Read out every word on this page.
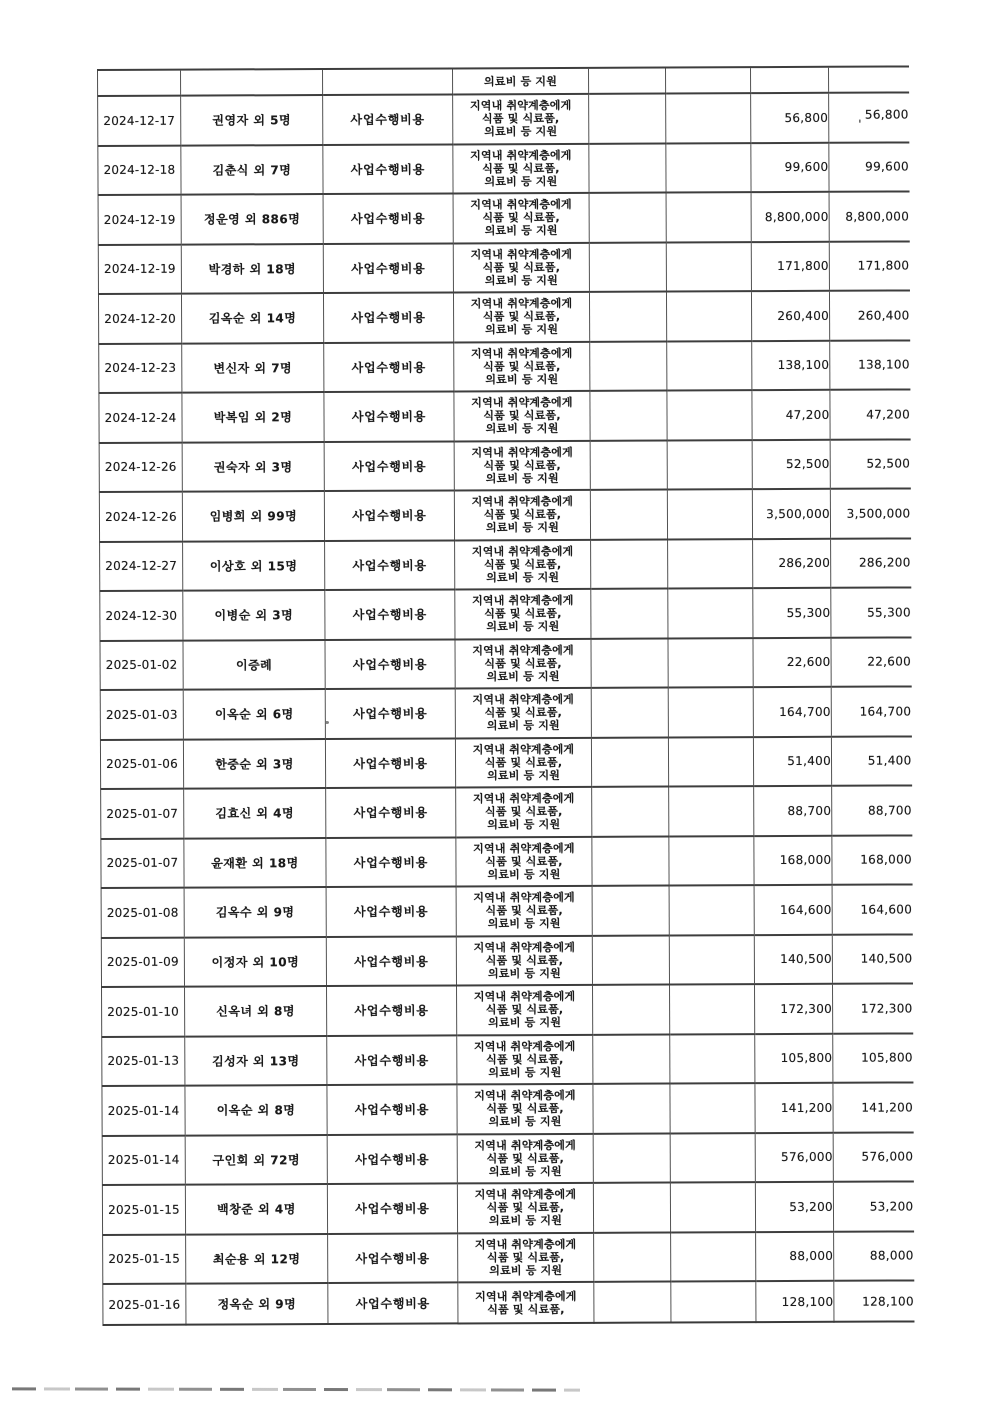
			의료비 등 지원				

2024-12-17	권영자 외 5명	사업수행비용	
지역내 취약계층에게
식품 및 식료품,
의료비 등 지원
			56,800	56,800
'

2024-12-18	김춘식 외 7명	사업수행비용	지역내 취약계층에게
식품 및 식료품,
의료비 등 지원			99,600	99,600
2024-12-19	정운영 외 886명	사업수행비용	지역내 취약계층에게
식품 및 식료품,
의료비 등 지원			8,800,000	8,800,000
2024-12-19	박경하 외 18명	사업수행비용	지역내 취약계층에게
식품 및 식료품,
의료비 등 지원			171,800	171,800
2024-12-20	김옥순 외 14명	사업수행비용	지역내 취약계층에게
식품 및 식료품,
의료비 등 지원			260,400	260,400
2024-12-23	변신자 외 7명	사업수행비용	지역내 취약계층에게
식품 및 식료품,
의료비 등 지원			138,100	138,100
2024-12-24	박복임 외 2명	사업수행비용	지역내 취약계층에게
식품 및 식료품,
의료비 등 지원			47,200	47,200
2024-12-26	권숙자 외 3명	사업수행비용	지역내 취약계층에게
식품 및 식료품,
의료비 등 지원			52,500	52,500
2024-12-26	임병희 외 99명	사업수행비용	지역내 취약계층에게
식품 및 식료품,
의료비 등 지원			3,500,000	3,500,000
2024-12-27	이상호 외 15명	사업수행비용	지역내 취약계층에게
식품 및 식료품,
의료비 등 지원			286,200	286,200
2024-12-30	이병순 외 3명	사업수행비용	지역내 취약계층에게
식품 및 식료품,
의료비 등 지원			55,300	55,300
2025-01-02	이증례	사업수행비용	지역내 취약계층에게
식품 및 식료품,
의료비 등 지원			22,600	22,600
2025-01-03	이옥순 외 6명	사업수행비용	지역내 취약계층에게
식품 및 식료품,
의료비 등 지원			164,700	164,700
2025-01-06	한중순 외 3명	사업수행비용	지역내 취약계층에게
식품 및 식료품,
의료비 등 지원			51,400	51,400
2025-01-07	김효신 외 4명	사업수행비용	지역내 취약계층에게
식품 및 식료품,
의료비 등 지원			88,700	88,700
2025-01-07	윤재환 외 18명	사업수행비용	지역내 취약계층에게
식품 및 식료품,
의료비 등 지원			168,000	168,000
2025-01-08	김옥수 외 9명	사업수행비용	지역내 취약계층에게
식품 및 식료품,
의료비 등 지원			164,600	164,600
2025-01-09	이정자 외 10명	사업수행비용	지역내 취약계층에게
식품 및 식료품,
의료비 등 지원			140,500	140,500
2025-01-10	신옥녀 외 8명	사업수행비용	지역내 취약계층에게
식품 및 식료품,
의료비 등 지원			172,300	172,300
2025-01-13	김성자 외 13명	사업수행비용	지역내 취약계층에게
식품 및 식료품,
의료비 등 지원			105,800	105,800
2025-01-14	이옥순 외 8명	사업수행비용	지역내 취약계층에게
식품 및 식료품,
의료비 등 지원			141,200	141,200
2025-01-14	구인회 외 72명	사업수행비용	지역내 취약계층에게
식품 및 식료품,
의료비 등 지원			576,000	576,000
2025-01-15	백창준 외 4명	사업수행비용	지역내 취약계층에게
식품 및 식료품,
의료비 등 지원			53,200	53,200
2025-01-15	최순용 외 12명	사업수행비용	지역내 취약계층에게
식품 및 식료품,
의료비 등 지원			88,000	88,000
2025-01-16	정옥순 외 9명	사업수행비용	지역내 취약계층에게
식품 및 식료품,			128,100	128,100
